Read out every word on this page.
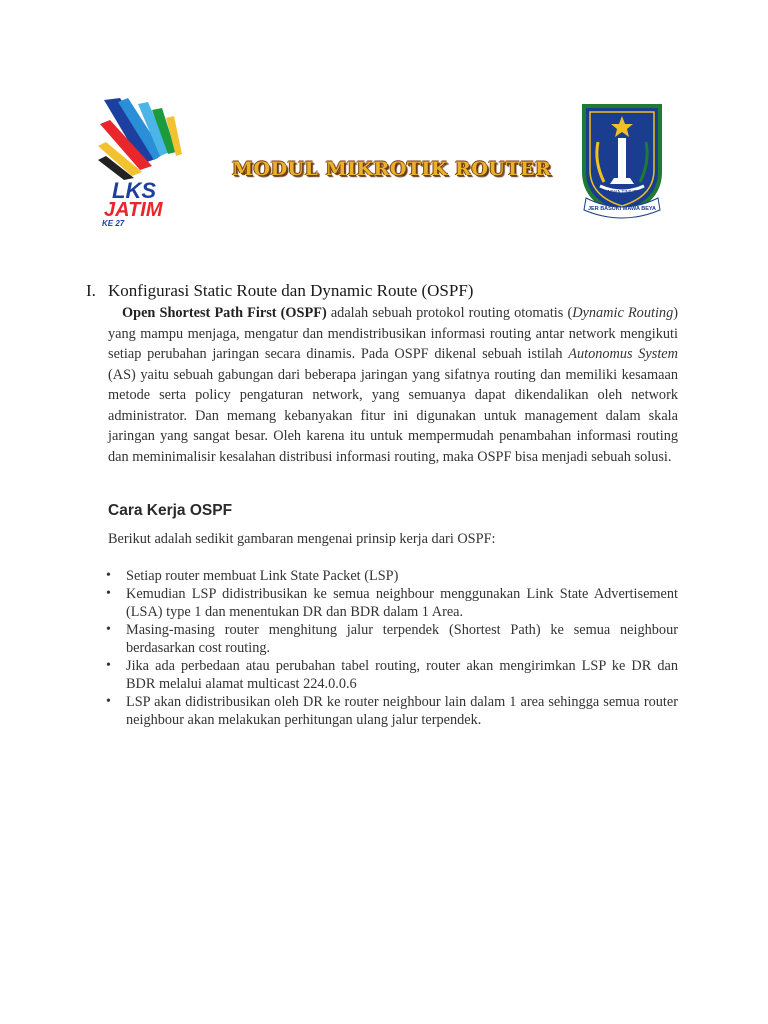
LKS
JATIM
KE 27
MODUL MIKROTIK ROUTER
JAWA TIMUR
JER BASUKI MAWA BEYA
I. Konfigurasi Static Route dan Dynamic Route (OSPF)

Open Shortest Path First (OSPF) adalah sebuah protokol routing otomatis (Dynamic Routing) yang mampu menjaga, mengatur dan mendistribusikan informasi routing antar network mengikuti setiap perubahan jaringan secara dinamis. Pada OSPF dikenal sebuah istilah Autonomus System (AS) yaitu sebuah gabungan dari beberapa jaringan yang sifatnya routing dan memiliki kesamaan metode serta policy pengaturan network, yang semuanya dapat dikendalikan oleh network administrator. Dan memang kebanyakan fitur ini digunakan untuk management dalam skala jaringan yang sangat besar. Oleh karena itu untuk mempermudah penambahan informasi routing dan meminimalisir kesalahan distribusi informasi routing, maka OSPF bisa menjadi sebuah solusi.

Cara Kerja OSPF
Berikut adalah sedikit gambaran mengenai prinsip kerja dari OSPF:
• Setiap router membuat Link State Packet (LSP)
• Kemudian LSP didistribusikan ke semua neighbour menggunakan Link State Advertisement (LSA) type 1 dan menentukan DR dan BDR dalam 1 Area.
• Masing-masing router menghitung jalur terpendek (Shortest Path) ke semua neighbour berdasarkan cost routing.
• Jika ada perbedaan atau perubahan tabel routing, router akan mengirimkan LSP ke DR dan BDR melalui alamat multicast 224.0.0.6
• LSP akan didistribusikan oleh DR ke router neighbour lain dalam 1 area sehingga semua router neighbour akan melakukan perhitungan ulang jalur terpendek.
